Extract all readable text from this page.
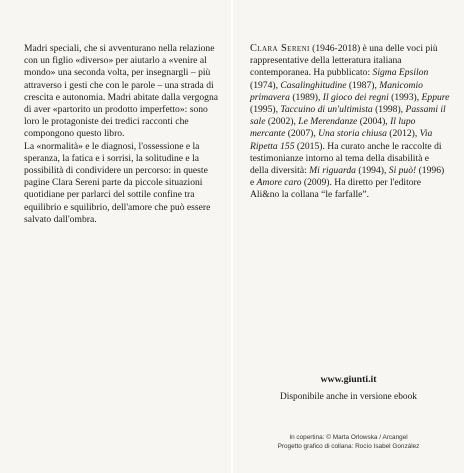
Madri speciali, che si avventurano nella relazione con un figlio «diverso» per aiutarlo a «venire al mondo» una seconda volta, per insegnargli – più attraverso i gesti che con le parole – una strada di crescita e autonomia. Madri abitate dalla vergogna di aver «partorito un prodotto imperfetto»: sono loro le protagoniste dei tredici racconti che compongono questo libro.

La «normalità» e le diagnosi, l'ossessione e la speranza, la fatica e i sorrisi, la solitudine e la possibilità di condividere un percorso: in queste pagine Clara Sereni parte da piccole situazioni quotidiane per parlarci del sottile confine tra equilibrio e squilibrio, dell'amore che può essere salvato dall'ombra.

Clara Sereni (1946-2018) è una delle voci più rappresentative della letteratura italiana contemporanea. Ha pubblicato: Sigma Epsilon (1974), Casalinghitudine (1987), Manicomio primavera (1989), Il gioco dei regni (1993), Eppure (1995), Taccuino di un'ultimista (1998), Passami il sale (2002), Le Merendanze (2004), Il lupo mercante (2007), Una storia chiusa (2012), Via Ripetta 155 (2015). Ha curato anche le raccolte di testimonianze intorno al tema della disabilità e della diversità: Mi riguarda (1994), Si può! (1996) e Amore caro (2009). Ha diretto per l'editore Ali&no la collana “le farfalle”.

www.giunti.it
Disponibile anche in versione ebook
In copertina: © Marta Orlowska / Arcangel
Progetto grafico di collana: Rocío Isabel González
